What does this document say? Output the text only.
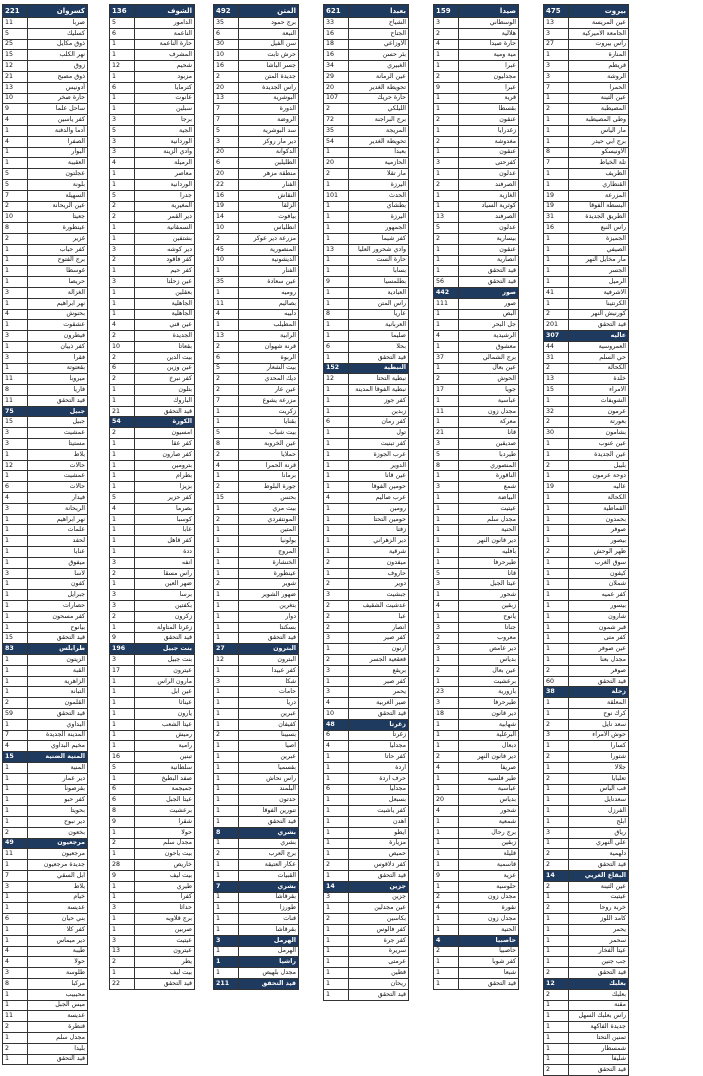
475	بيروت
13	عين المريسة
3	الجامعة الاميركية
27	راس بيروت
1	المنارة
3	قريطم
3	الروشة
7	الحمرا
1	عين التينة
2	المصيطبة
1	وطى المصيطبة
1	مار الياس
1	برج ابي حيدر
8	الاونيسكو
7	تلة الخياط
1	الظريف
1	القنطاري
19	المزرعة
19	البسطة الفوقا
31	الطريق الجديدة
16	راس النبع
1	الجميزة
1	الصيفي
1	مار مخايل النهر
1	الجسر
1	الرميل
41	الاشرفية
1	الكرنتينا
2	كورنيش النهر
201	قيد التحقق
307	عاليه
44	العمروسية
31	حي السلم
2	الكحالة
13	خلدة
15	الامراء
1	الشويفات
32	عرمون
2	بعورتة
30	بشامون
1	عين عنوب
1	عين الجديدة
2	بليبل
1	دوحة عرمون
19	عاليه
1	الكحالة
1	القماطية
1	بحمدون
1	صوفر
1	بيصور
2	ظهر الوحش
1	سوق الغرب
1	كيفون
1	شملان
1	كفر عميه
1	بيسور
1	شارون
1	قبر شمون
1	كفر متى
1	عين صوفر
1	مجدل بعنا
2	صوفر
60	قيد التحقق
38	زحلة
1	المعلقة
1	كرك نوح
2	سعد نايل
3	حوش الأمراء
1	كسارا
2	شتورا
1	جلالا
2	تعلبايا
1	قب الياس
1	سعدنايل
1	الفرزل
1	ابلح
3	رياق
1	علي النهري
2	دلهمية
2	قيد التحقق
14	البقاع الغربي
2	عين التينة
1	عيتيت
2	خربة روحا
1	كامد اللوز
1	يحمر
1	سحمر
1	عيتا الفخار
1	جب جنين
2	قيد التحقق
12	بعلبك
2	بعلبك
1	مقنة
1	راس بعلبك السهل
1	جديدة الفاكهة
1	تمنين التحتا
1	شمسطار
1	شليفا
2	قيد التحقق
159	صيدا
3	الوسطاني
2	هلالية
4	حارة صيدا
1	مية ومية
1	عبرا
2	مجدليون
9	عبرا
1	قرية
1	بقسطا
2	عنقون
1	زغدرايا
2	مغدوشة
1	عنقون
3	كفرحتى
1	عدلون
2	الصرفند
1	الغازية
1	كوثرية السياد
13	الصرفند
5	عدلون
2	بيسارية
1	عنقون
1	انصارية
1	قيد التحقق
56	قيد التحقق
442	صور
111	صور
1	البص
1	جل البحر
4	الرشيدية
1	معشوق
37	برج الشمالي
1	عين بعال
2	الحوش
17	جويا
1	عباسية
11	مجدل زون
1	معركة
21	قانا
3	صديقين
5	طيردبا
8	المنصوري
1	الناقورة
3	شمع
1	البياضة
1	عيتيت
1	مجدل سلم
1	الحنية
1	دير قانون النهر
1	بافليه
1	طيرحرفا
5	قانا
3	عيتا الجبل
1	شحور
4	زبقين
1	يانوح
3	جناتا
2	معروب
3	دير عامص
1	بدياس
2	عين بعال
1	برعشيت
23	بازورية
3	طيرحرفا
18	دير قانون
1	شهابية
1	البرغلية
1	دبعال
2	دير قانون النهر
4	صريفا
1	طير فلسيه
1	عباسية
20	بدياس
4	شحور
1	شمعية
1	برج رحال
1	زبقين
1	قليلة
1	قاسمية
9	عزية
1	حلوسية
2	مجدل زون
4	نقورة
1	مجدل زون
1	الحنية
4	حاصبيا
2	حاصبيا
1	كفر شوبا
1	شبعا
1	قيد التحقق
621	بعبدا
33	الشياح
16	الجناح
18	الأوزاعي
16	بئر حسن
34	الغبيري
29	عين الرمانة
20	تحويطة الغدير
107	حارة حريك
2	الليلكي
72	برج البراجنة
35	المريجة
54	تحويطة الغدير
1	بعبدا
20	الحازمية
2	مار تقلا
1	اليرزة
101	الحدث
1	بطشاي
1	اليرزة
1	الجمهور
1	كفر شيما
13	وادي شحرور العليا
1	حارة الست
1	بسابا
9	بطلمسيا
1	العبادية
1	راس المتن
8	عاريا
1	العربانية
1	صليما
6	بحلا
1	قيد التحقق
152	النبطية
12	نبطية التحتا
1	نبطية الفوقا المدينة
1	كفر جوز
1	زبدين
6	كفر رمان
1	تول
1	كفر تبنيت
1	عرب الجوزة
1	الدوير
1	عين قانا
1	حومين الفوقا
4	عرب صاليم
1	رومين
1	حومين التحتا
1	زفتا
1	دير الزهراني
1	شرقية
2	ميفدون
1	حاروف
2	دوير
3	جبشيت
2	عدشيت الشقيف
2	عبا
2	انصار
3	كفر صير
1	ارنون
2	قعقعية الجسر
3	بريقع
1	كفر صير
3	يحمر
4	صير الغربية
10	قيد التحقق
48	زغرتا
6	زغرتا
4	مجدليا
1	كفر حاتا
1	اردة
1	حرف اردة
6	مجدليا
1	بسبعل
1	كفر ياشيت
1	اهدن
1	ايطو
1	مزيارة
1	حميص
2	كفر دلاقوس
1	قيد التحقق
14	جزين
3	جزين
1	عين مجدلين
2	بكاسين
1	كفر فالوس
1	كفر جرة
1	سريرة
1	عرمتى
1	قطين
1	ريحان
1	قيد التحقق
492	المتن
35	برج حمود
6	النبعة
30	سن الفيل
10	حرش تابت
16	جسر الباشا
2	جديدة المتن
20	راس الجديدة
13	البوشرية
7	الدورة
7	الروضة
5	سد البوشرية
3	دير مار روكز
20	الدكوانة
6	الطليلين
20	منطقة مزهر
22	الفنار
16	النقاش
19	الزلقا
14	بيافوت
10	انطلياس
2	مزرعة دير عوكر
45	المنصورية
10	الديشونية
1	الفنار
35	عين سعادة
1	روميه
11	بصاليم
4	دليبه
1	المطيلب
13	الرابية
2	قرنة شهوان
6	الربوة
5	بيت الشعار
2	ديك المحدي
2	عين عار
7	مزرعة يشوع
1	زكريت
1	بقنايا
5	بيت شباب
8	عين الخروبة
2	حملايا
4	قرنة الحمرا
1	برمانا
2	جورة البلوط
15	بحنس
1	بيت مري
2	المونتفردي
1	المتين
1	بولونيا
1	المروج
1	الخنشارة
1	عينطورة
2	شوير
1	ضهور الشوير
1	بتغرين
1	دوار
1	بسكنتا
1	قيد التحقق
27	البترون
12	البترون
1	كفر عبيدا
3	شكا
1	حامات
1	دريا
1	عبرين
1	كفيفان
2	بسبينا
1	اصيا
1	عبرين
1	بقسميا
1	راس نحاش
1	البلمند
1	حدتون
1	تنورين الفوقا
1	قيد التحقق
8	بشري
1	بشري
2	برج العرب
1	عكار العتيقة
1	القبيات
7	بشري
1	بقرقاشا
1	طورزا
1	قنات
1	بقرقاشا
3	الهرمل
1	الهرمل
1	راشيا
1	مجدل بلهيص
211	قيد التحقق
136	الشوف
5	الدامور
6	الناعمة
1	حارة الناعمة
1	المشرف
12	شحيم
1	مزبود
6	كترمايا
1	عانوت
1	سبلين
3	برجا
5	الجية
3	الوردانية
3	وادي الزينة
4	الرميلة
1	معاصر
1	الوردانية
5	جدرا
2	المغيرية
2	دير القمر
1	السمقانية
1	بشتفين
3	دير كوشه
2	كفر فاقود
1	كفر حيم
3	عين زحلتا
1	بعقلين
1	الجاهلية
1	الجاهلية
4	عين قني
2	الجديدة
10	بقعاتا
2	بيت الدين
6	عين وزين
2	كفر نبرخ
1	بتلون
1	الباروك
21	قيد التحقق
54	الكورة
2	امسيون
1	كفر عقا
1	كفر صارون
1	بترومين
1	بطرام
1	بزيزا
5	كفر حزير
4	بصرما
1	كوسبا
1	عابا
1	كفر قاهل
1	ددة
3	انفه
2	راس مسقا
1	ضهر العين
3	برسا
3	بكفتين
2	زكرون
1	زغرتا المتاولة
9	قيد التحقق
196	بنت جبيل
3	بنت جبيل
17	عيترون
1	مارون الراس
1	عين ابل
1	عيناثا
1	يارون
1	عيتا الشعب
1	رميش
1	رامية
16	تبنين
5	سلطانية
1	صفد البطيخ
6	جميجمة
6	عيتا الجبل
8	برعشيت
9	شقرا
1	حولا
2	مجدل سلم
1	بيت ياحون
28	خاريص
9	بيت ليف
1	طيري
1	كفرا
3	حداثا
1	برج قلاويه
1	صربين
3	عيتيت
13	عيترون
2	يطر
1	بيت ليف
22	قيد التحقق
221	كسروان
11	صربا
5	كسليك
25	ذوق مكايل
15	نهر الكلب
12	زوق
21	ذوق مصبح
13	أدونيس
10	حارة صخر
9	ساحل علما
4	كفر ياسين
1	أدما والدفنة
4	الصفرا
1	البوار
1	العقيبة
5	عجلتون
5	بلونة
7	السهيلة
2	عين الريحانة
10	جعيتا
8	عينطورة
2	غزير
1	كفر حباب
1	برج الفتوح
1	غوسطا
1	حريصا
3	الغزالة
1	نهر ابراهيم
4	بحنوش
1	عشقوت
3	فيطرون
1	كفر ذبيان
3	فقرا
1	بقعتوتة
11	ميروبا
8	فاريا
11	قيد التحقق
75	جبيل
15	جبيل
3	عمشيت
3	مستيتا
1	بلاط
12	حالات
1	عمشيت
6	حالات
4	فيدار
3	الريحانة
1	نهر ابراهيم
1	علمات
1	لحفد
1	عنايا
1	ميفوق
3	لاسا
1	كفون
1	جبرايل
1	حصارات
1	كفر مسحون
1	بيانوح
15	قيد التحقق
83	طرابلس
1	الزيتون
1	القبة
1	الزاهرية
1	التبانة
2	القلمون
59	قيد التحقق
1	البداوي
7	المدينة الجديدة
4	مخيم البداوي
15	المنية الضنية
1	المنية
1	دير عمار
1	بقرصونا
1	كفر حبو
1	بحويتا
1	دير نبوح
2	بخعون
49	مرجعيون
11	مرجعيون
1	جديدة مرجعيون
7	ابل السقي
3	بلاط
1	خيام
1	عديسة
6	بني حيان
1	كفر كلا
1	دير ميماس
4	طيبة
4	حولا
3	طلوسة
8	مركبا
1	محيبيب
1	ميس الجبل
11	عديسة
2	قنطرة
1	مجدل سلم
2	بليدا
1	قيد التحقق
